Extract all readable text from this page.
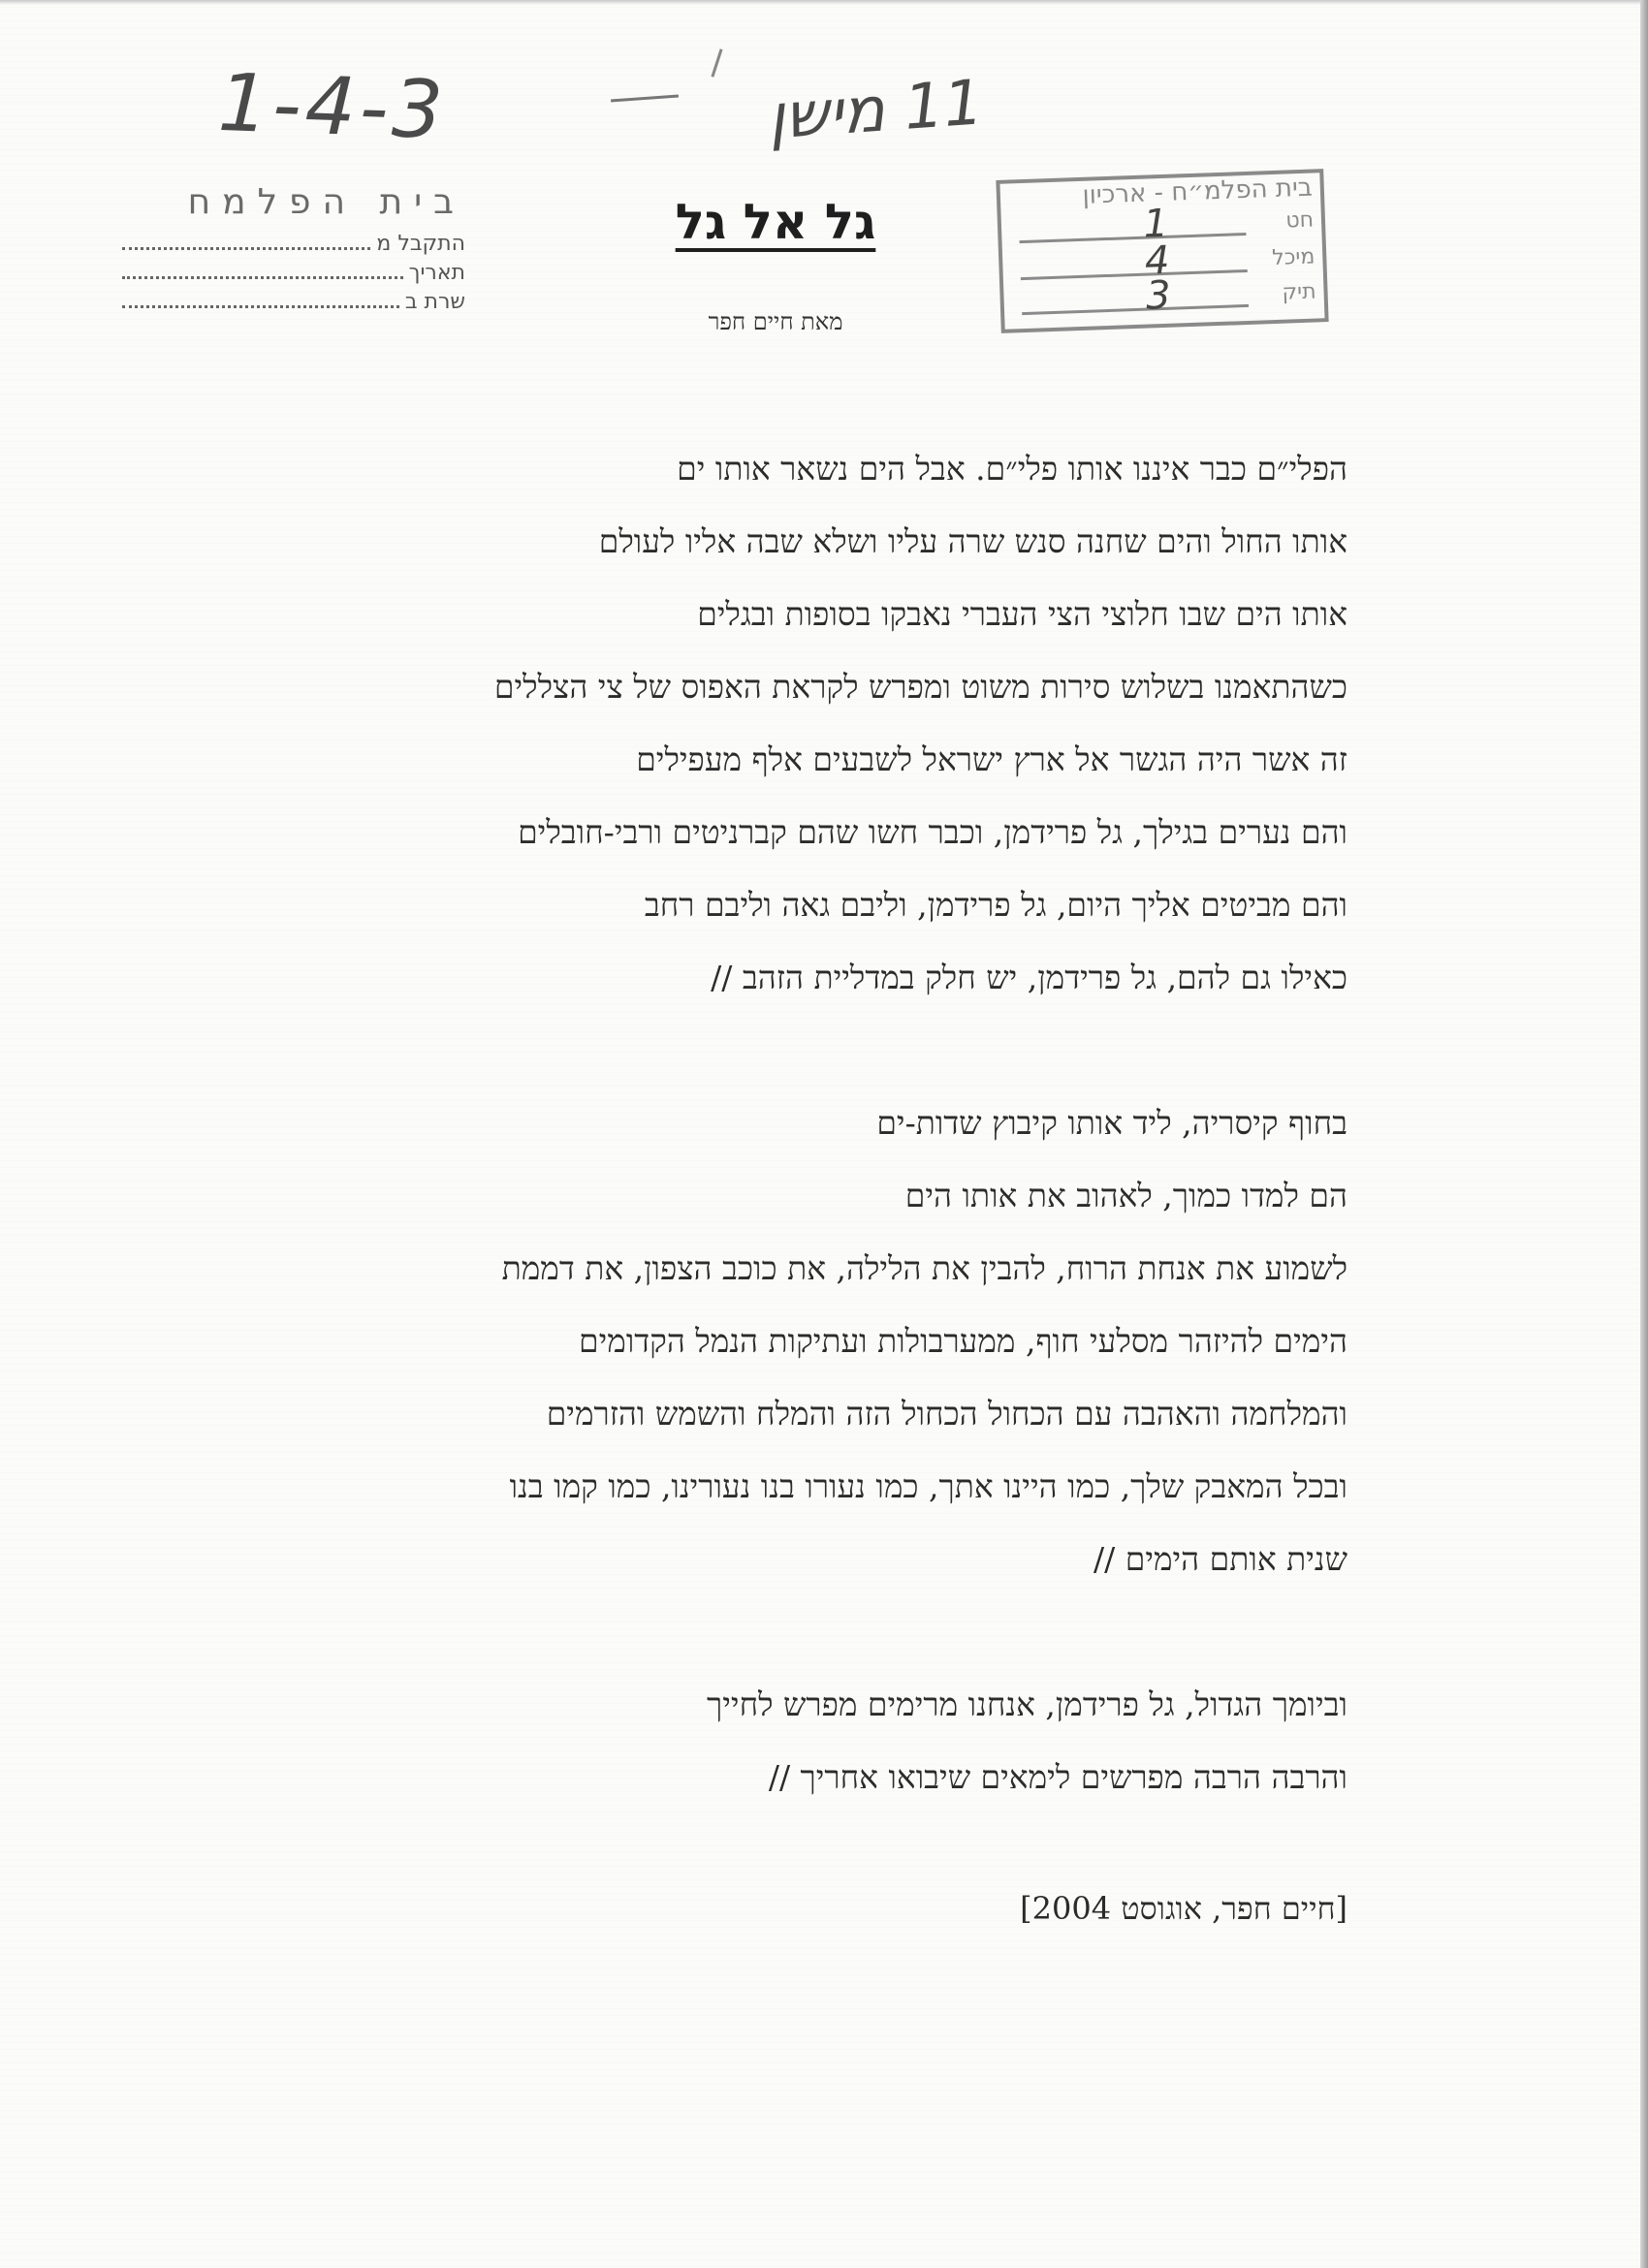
1-4-3	11 מישן
בית הפלמח
התקבל מ
תאריך
שרת ב
בית הפלמ״ח - ארכיון
חט
1
מיכל
4
תיק
3
גל אל גל
מאת חיים חפר
הפלי״ם כבר איננו אותו פלי״ם. אבל הים נשאר אותו ים
אותו החול והים שחנה סנש שרה עליו ושלא שבה אליו לעולם
אותו הים שבו חלוצי הצי העברי נאבקו בסופות ובגלים
כשהתאמנו בשלוש סירות משוט ומפרש לקראת האפוס של צי הצללים
זה אשר היה הגשר אל ארץ ישראל לשבעים אלף מעפילים
והם נערים בגילך, גל פרידמן, וכבר חשו שהם קברניטים ורבי-חובלים
והם מביטים אליך היום, גל פרידמן, וליבם גאה וליבם רחב
כאילו גם להם, גל פרידמן, יש חלק במדליית הזהב //
בחוף קיסריה, ליד אותו קיבוץ שדות-ים
הם למדו כמוך, לאהוב את אותו הים
לשמוע את אנחת הרוח, להבין את הלילה, את כוכב הצפון, את דממת
הימים להיזהר מסלעי חוף, ממערבולות ועתיקות הנמל הקדומים
והמלחמה והאהבה עם הכחול הכחול הזה והמלח והשמש והזרמים
ובכל המאבק שלך, כמו היינו אתך, כמו נעורו בנו נעורינו, כמו קמו בנו
שנית אותם הימים //
וביומך הגדול, גל פרידמן, אנחנו מרימים מפרש לחייך
והרבה הרבה מפרשים לימאים שיבואו אחריך //
[חיים חפר, אוגוסט 2004]
